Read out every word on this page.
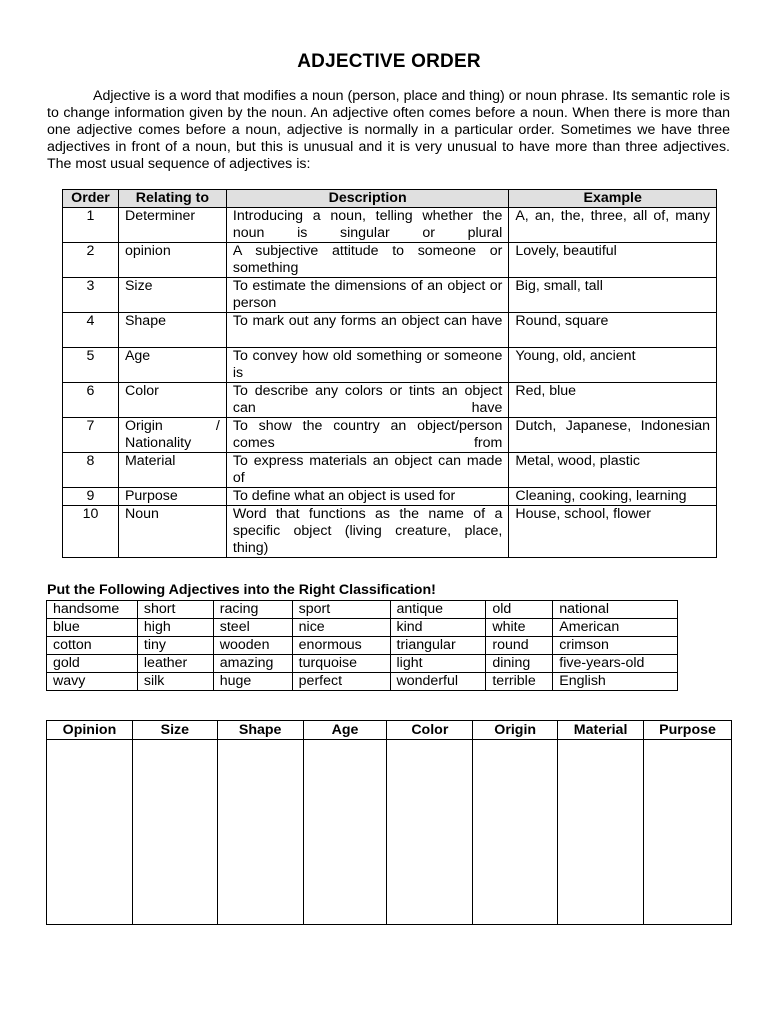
ADJECTIVE ORDER

Adjective is a word that modifies a noun (person, place and thing) or noun phrase. Its semantic role is to change information given by the noun. An adjective often comes before a noun. When there is more than one adjective comes before a noun, adjective is normally in a particular order. Sometimes we have three adjectives in front of a noun, but this is unusual and it is very unusual to have more than three adjectives. The most usual sequence of adjectives is:

Order	Relating to	Description	Example
1	Determiner	Introducing a noun, telling whether the noun is singular or plural	A, an, the, three, all of, many
2	opinion	A subjective attitude to someone or something	Lovely, beautiful
3	Size	To estimate the dimensions of an object or person	Big, small, tall
4	Shape	To mark out any forms an object can have	Round, square
5	Age	To convey how old something or someone is	Young, old, ancient
6	Color	To describe any colors or tints an object can have	Red, blue
7	Origin / Nationality	To show the country an object/person comes from	Dutch, Japanese, Indonesian
8	Material	To express materials an object can made of	Metal, wood, plastic
9	Purpose	To define what an object is used for	Cleaning, cooking, learning
10	Noun	Word that functions as the name of a specific object (living creature, place, thing)	House, school, flower
Put the Following Adjectives into the Right Classification!
handsome	short	racing	sport	antique	old	national
blue	high	steel	nice	kind	white	American
cotton	tiny	wooden	enormous	triangular	round	crimson
gold	leather	amazing	turquoise	light	dining	five-years-old
wavy	silk	huge	perfect	wonderful	terrible	English
Opinion	Size	Shape	Age	Color	Origin	Material	Purpose
